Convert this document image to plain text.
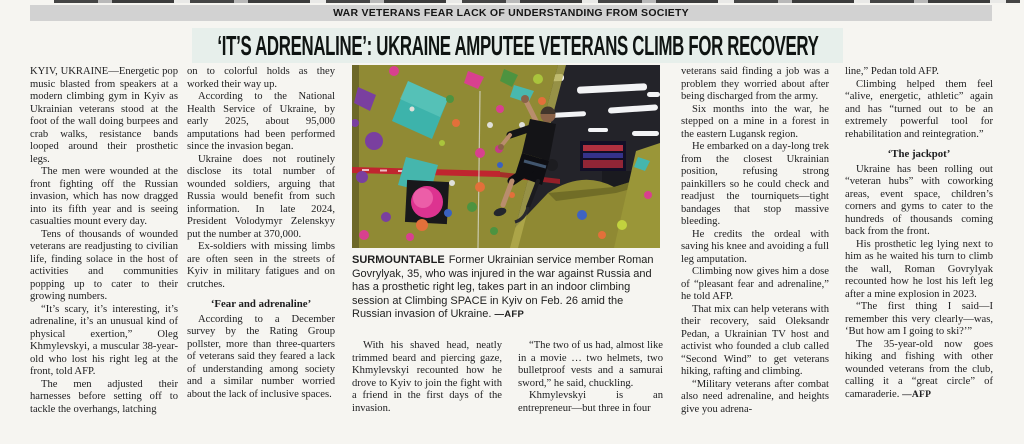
WAR VETERANS FEAR LACK OF UNDERSTANDING FROM SOCIETY
‘IT’S ADRENALINE’: UKRAINE AMPUTEE VETERANS CLIMB FOR RECOVERY

KYIV, UKRAINE—Energetic pop music blasted from speakers at a modern climbing gym in Kyiv as Ukrainian veterans stood at the foot of the wall doing burpees and crab walks, resistance bands looped around their prosthetic legs.

The men were wounded at the front fighting off the Russian invasion, which has now dragged into its fifth year and is seeing casualties mount every day.

Tens of thousands of wounded veterans are readjusting to civilian life, finding solace in the host of activities and communities popping up to cater to their growing numbers.

“It’s scary, it’s interesting, it’s adrenaline, it’s an unusual kind of physical exertion,” Oleg Khmylevskyi, a muscular 38-year-old who lost his right leg at the front, told AFP.

The men adjusted their harnesses before setting off to tackle the overhangs, latching

on to colorful holds as they worked their way up.

According to the National Health Service of Ukraine, by early 2025, about 95,000 amputations had been performed since the invasion began.

Ukraine does not routinely disclose its total number of wounded soldiers, arguing that Russia would benefit from such information. In late 2024, President Volodymyr Zelenskyy put the number at 370,000.

Ex-soldiers with missing limbs are often seen in the streets of Kyiv in military fatigues and on crutches.

‘Fear and adrenaline’

According to a December survey by the Rating Group pollster, more than three-quarters of veterans said they feared a lack of understanding among society and a similar number worried about the lack of inclusive spaces.

SURMOUNTABLE Former Ukrainian service member Roman Govrylyak, 35, who was injured in the war against Russia and has a prosthetic right leg, takes part in an indoor climbing session at Climbing SPACE in Kyiv on Feb. 26 amid the Russian invasion of Ukraine. —AFP

With his shaved head, neatly trimmed beard and piercing gaze, Khmylevskyi recounted how he drove to Kyiv to join the fight with a friend in the first days of the invasion.

“The two of us had, almost like in a movie … two helmets, two bulletproof vests and a samurai sword,” he said, chuckling.

Khmylevskyi is an entrepreneur—but three in four

veterans said finding a job was a problem they worried about after being discharged from the army.

Six months into the war, he stepped on a mine in a forest in the eastern Lugansk region.

He embarked on a day-long trek from the closest Ukrainian position, refusing strong painkillers so he could check and readjust the tourniquets—tight bandages that stop massive bleeding.

He credits the ordeal with saving his knee and avoiding a full leg amputation.

Climbing now gives him a dose of “pleasant fear and adrenaline,” he told AFP.

That mix can help veterans with their recovery, said Oleksandr Pedan, a Ukrainian TV host and activist who founded a club called “Second Wind” to get veterans hiking, rafting and climbing.

“Military veterans after combat also need adrenaline, and heights give you adrena-

line,” Pedan told AFP.

Climbing helped them feel “alive, energetic, athletic” again and has “turned out to be an extremely powerful tool for rehabilitation and reintegration.”

‘The jackpot’

Ukraine has been rolling out “veteran hubs” with coworking areas, event space, children’s corners and gyms to cater to the hundreds of thousands coming back from the front.

His prosthetic leg lying next to him as he waited his turn to climb the wall, Roman Govrylyak recounted how he lost his left leg after a mine explosion in 2023.

“The first thing I said—I remember this very clearly—was, ‘But how am I going to ski?’”

The 35-year-old now goes hiking and fishing with other wounded veterans from the club, calling it a “great circle” of camaraderie. —AFP
